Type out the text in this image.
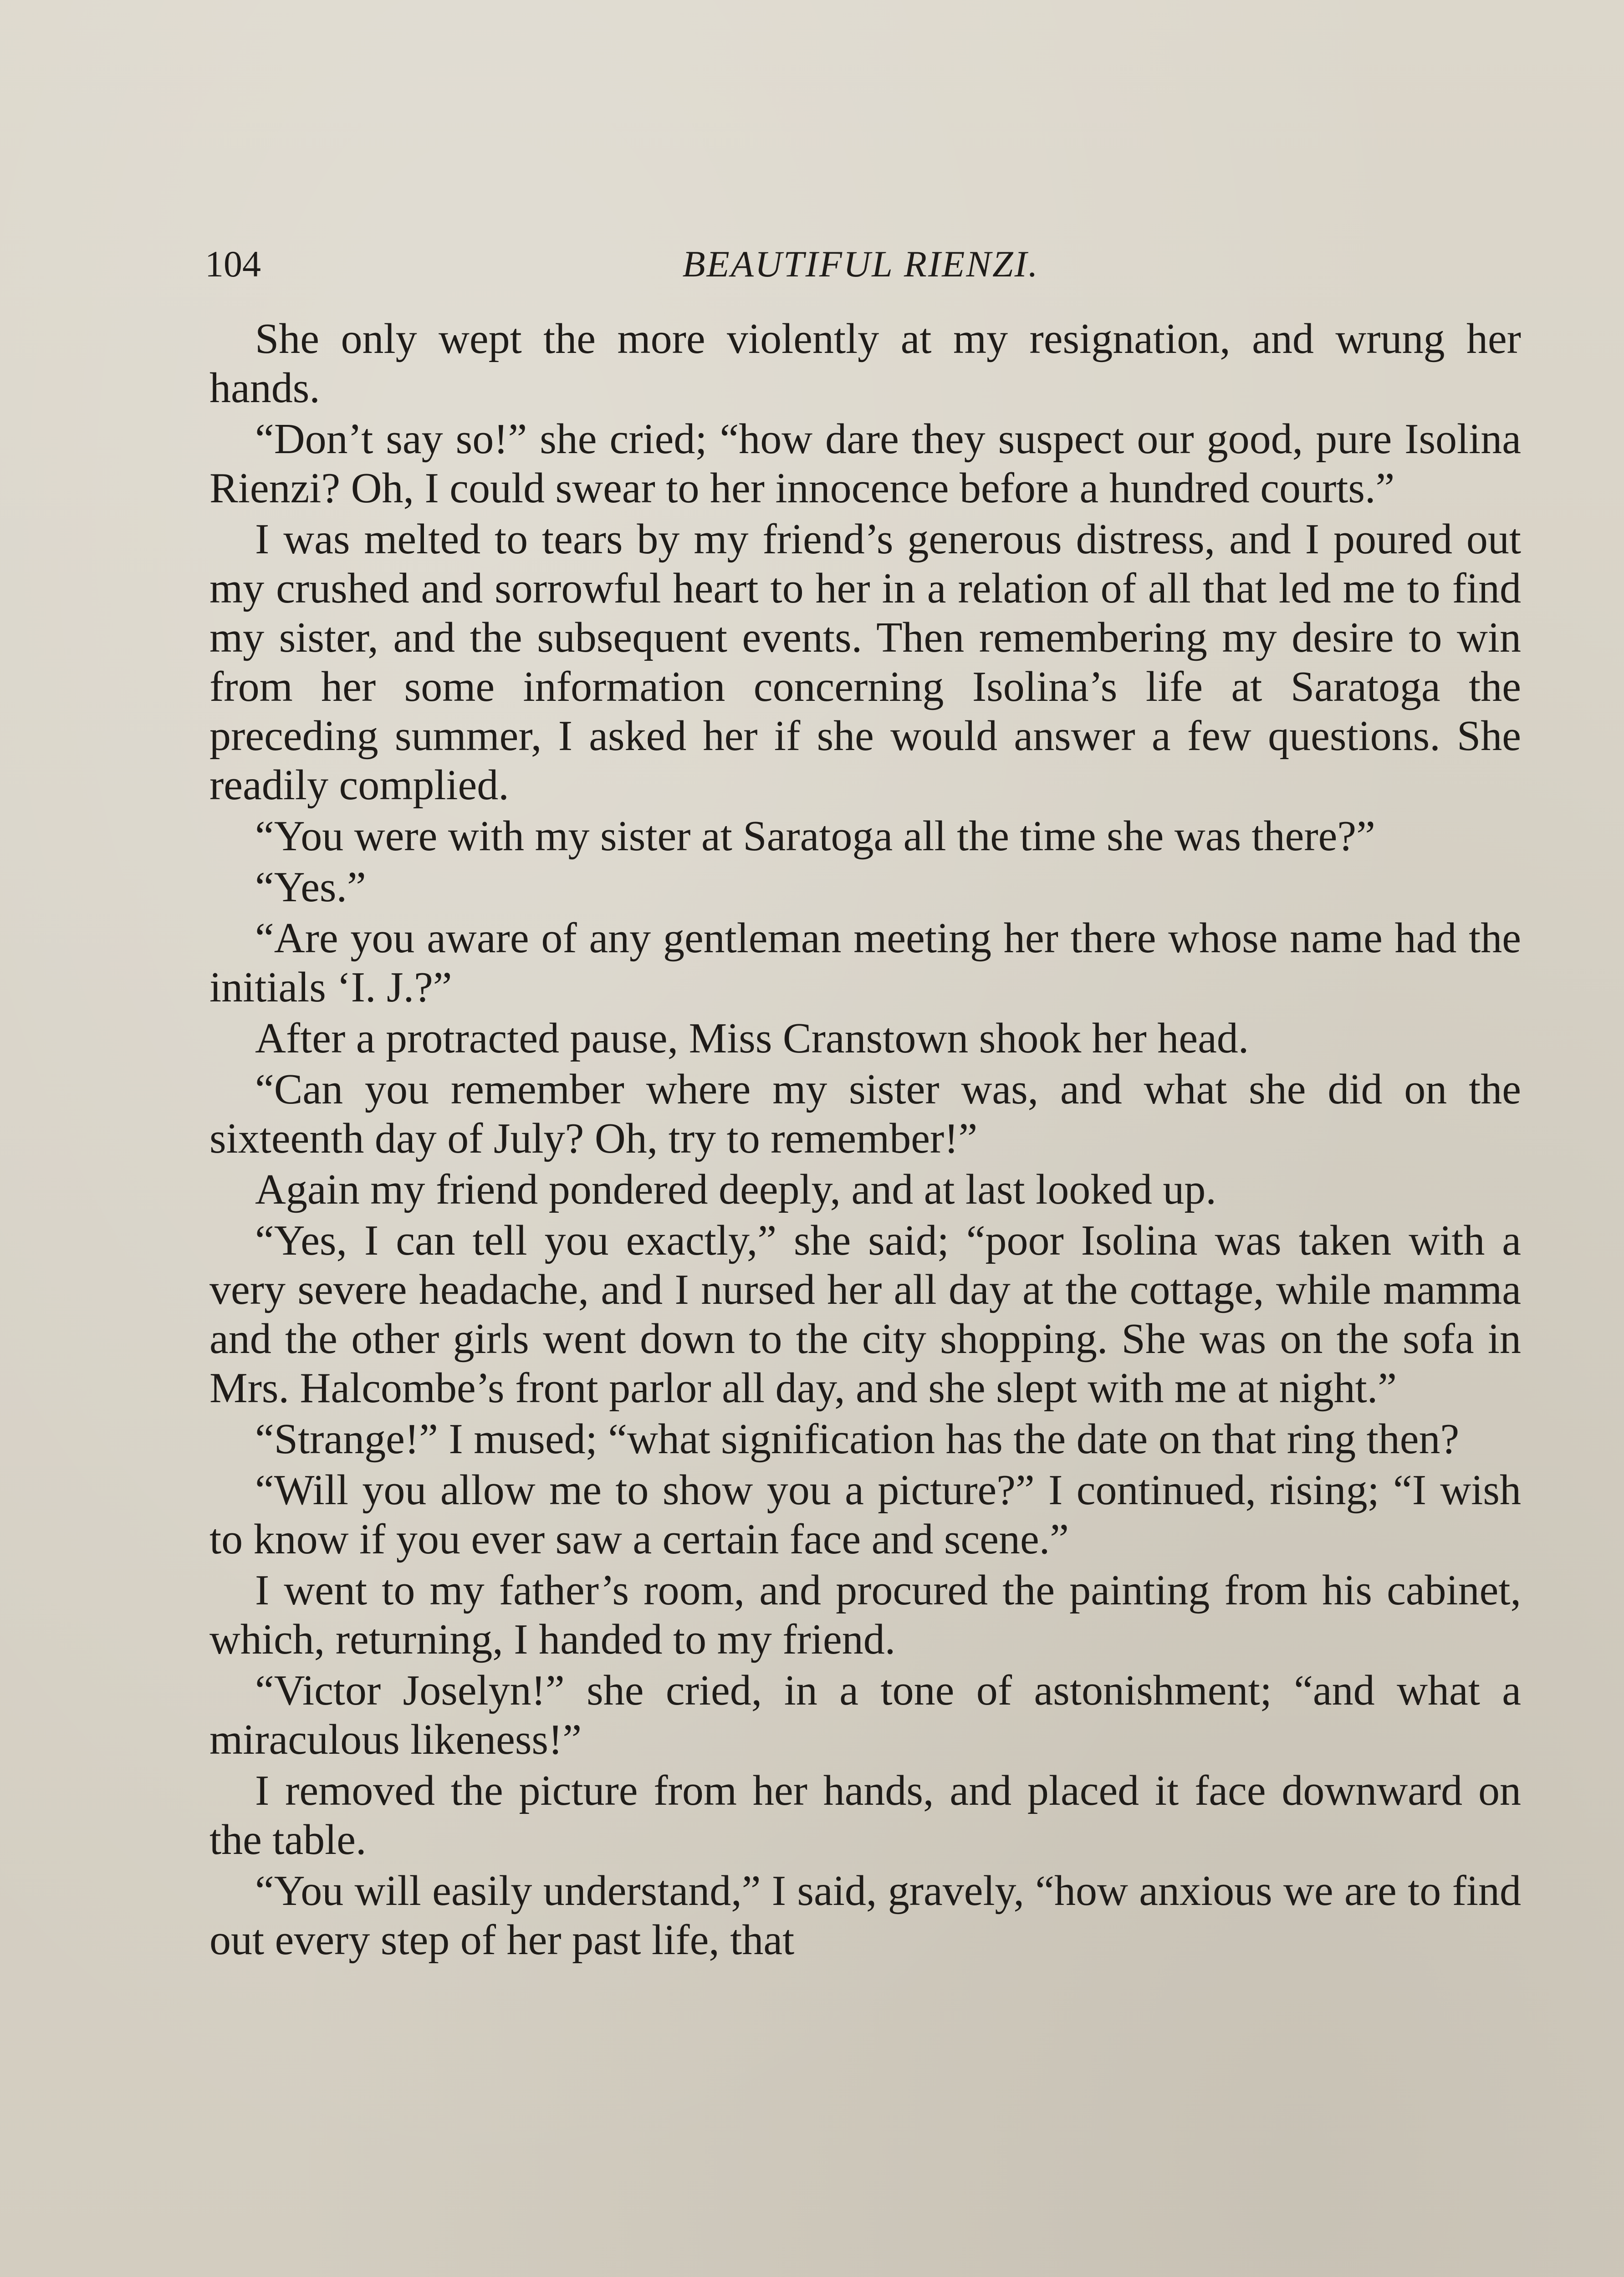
104	BEAUTIFUL RIENZI.

She only wept the more violently at my resignation, and wrung her hands.

“Don’t say so!” she cried; “how dare they suspect our good, pure Isolina Rienzi? Oh, I could swear to her innocence before a hundred courts.”

I was melted to tears by my friend’s generous distress, and I poured out my crushed and sorrowful heart to her in a relation of all that led me to find my sister, and the subsequent events. Then remembering my desire to win from her some information concerning Isolina’s life at Saratoga the preceding summer, I asked her if she would answer a few questions. She readily complied.

“You were with my sister at Saratoga all the time she was there?”

“Yes.”

“Are you aware of any gentleman meeting her there whose name had the initials ‘I. J.?”

After a protracted pause, Miss Cranstown shook her head.

“Can you remember where my sister was, and what she did on the sixteenth day of July? Oh, try to remember!”

Again my friend pondered deeply, and at last looked up.

“Yes, I can tell you exactly,” she said; “poor Isolina was taken with a very severe headache, and I nursed her all day at the cottage, while mamma and the other girls went down to the city shopping. She was on the sofa in Mrs. Halcombe’s front parlor all day, and she slept with me at night.”

“Strange!” I mused; “what signification has the date on that ring then?

“Will you allow me to show you a picture?” I continued, rising; “I wish to know if you ever saw a certain face and scene.”

I went to my father’s room, and procured the painting from his cabinet, which, returning, I handed to my friend.

“Victor Joselyn!” she cried, in a tone of astonishment; “and what a miraculous likeness!”

I removed the picture from her hands, and placed it face downward on the table.

“You will easily understand,” I said, gravely, “how anxious we are to find out every step of her past life, that
